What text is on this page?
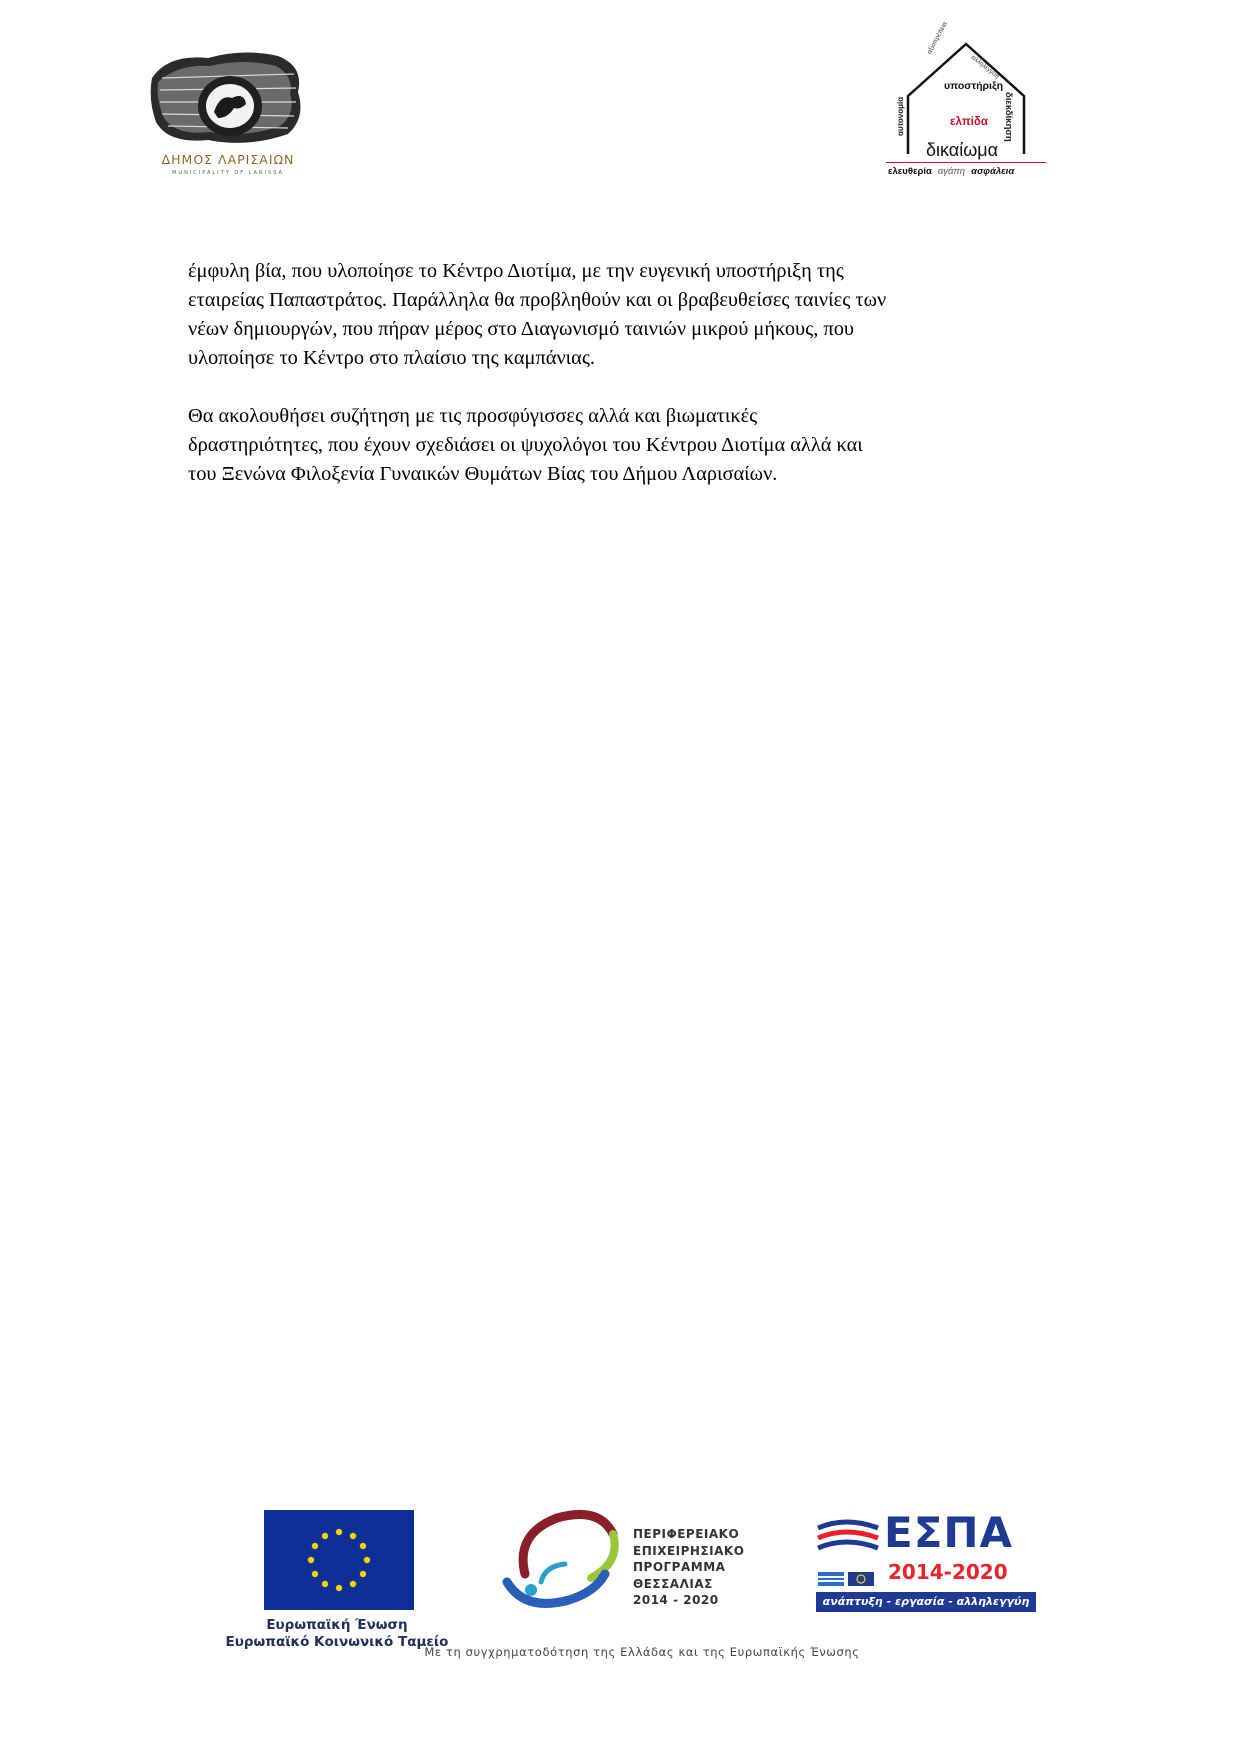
ΔΗΜΟΣ ΛΑΡΙΣΑΙΩΝ
MUNICIPALITY OF LARISSA
αξιοπρέπεια
αλληλεγγύη
αυτονομία	διεκδίκηση
υποστήριξη
ελπίδα
δικαίωμα
ελευθερία αγάπη ασφάλεια

έμφυλη βία, που υλοποίησε το Κέντρο Διοτίμα, με την ευγενική υποστήριξη της
εταιρείας Παπαστράτος. Παράλληλα θα προβληθούν και οι βραβευθείσες ταινίες των
νέων δημιουργών, που πήραν μέρος στο Διαγωνισμό ταινιών μικρού μήκους, που
υλοποίησε το Κέντρο στο πλαίσιο της καμπάνιας.

Θα ακολουθήσει συζήτηση με τις προσφύγισσες αλλά και βιωματικές
δραστηριότητες, που έχουν σχεδιάσει οι ψυχολόγοι του Κέντρου Διοτίμα αλλά και
του Ξενώνα Φιλοξενία Γυναικών Θυμάτων Βίας του Δήμου Λαρισαίων.

Ευρωπαϊκή Ένωση
Ευρωπαϊκό Κοινωνικό Ταμείο
ΠΕΡΙΦΕΡΕΙΑΚΟ
ΕΠΙΧΕΙΡΗΣΙΑΚΟ
ΠΡΟΓΡΑΜΜΑ
ΘΕΣΣΑΛΙΑΣ
2014 - 2020
ΕΣΠΑ
2014-2020
ανάπτυξη - εργασία - αλληλεγγύη
Με τη συγχρηματοδότηση της Ελλάδας και της Ευρωπαϊκής Ένωσης
